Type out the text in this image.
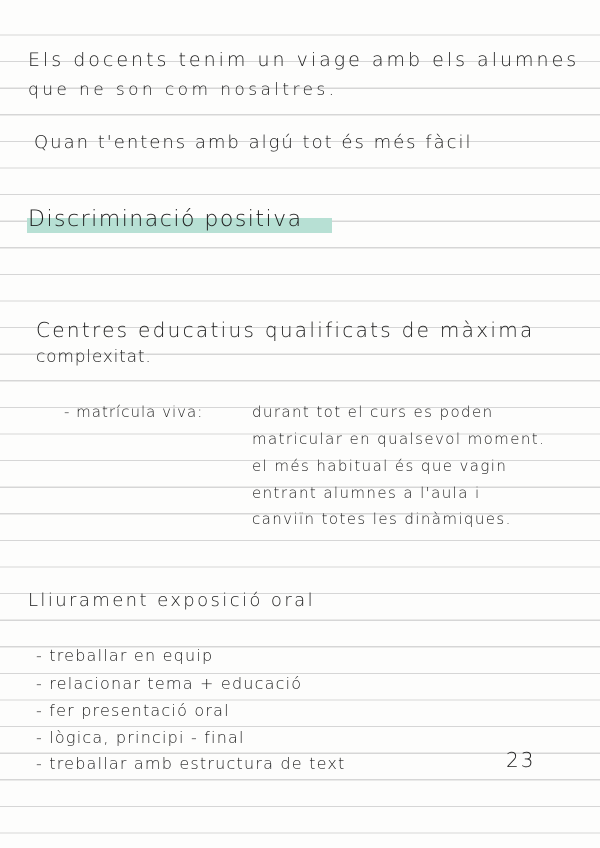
Els docents tenim un viage amb els alumnes
que ne son com nosaltres.
Quan t'entens amb algú tot és més fàcil
Discriminació positiva
Centres educatius qualificats de màxima
complexitat.
- matrícula viva:	durant tot el curs es poden
matricular en qualsevol moment.
el més habitual és que vagin
entrant alumnes a l'aula i
canviïn totes les dinàmiques.
Lliurament exposició oral
- treballar en equip
- relacionar tema + educació
- fer presentació oral
- lògica, principi - final
- treballar amb estructura de text	23
